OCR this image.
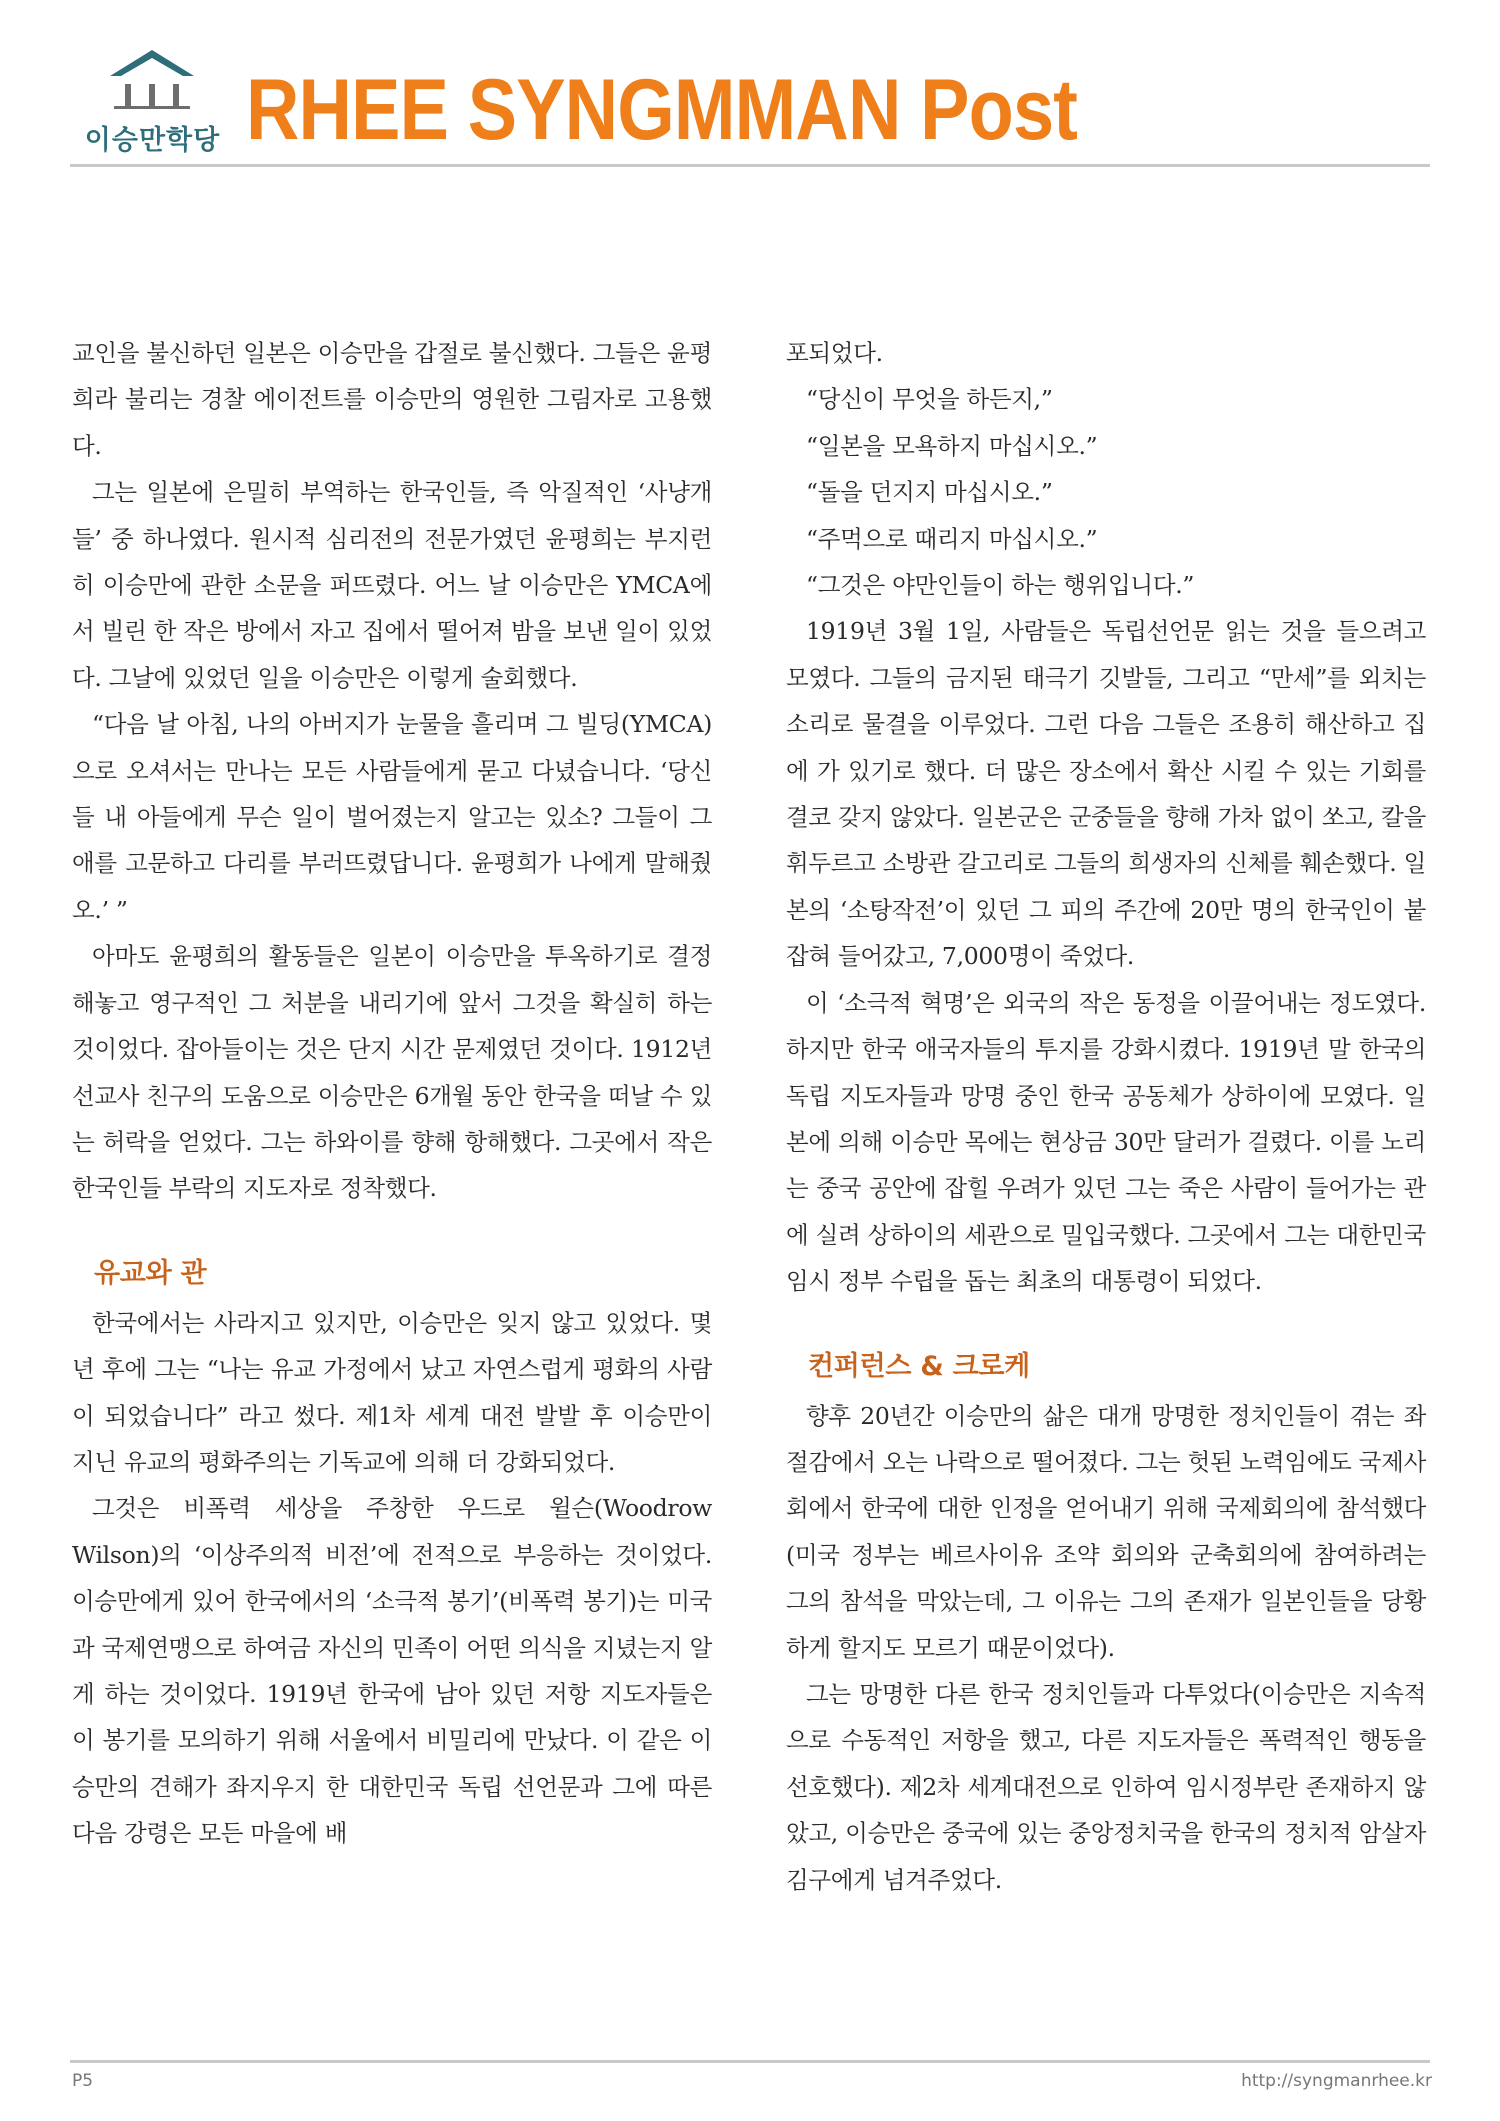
이승만학당 RHEE SYNGMMAN Post

교인을 불신하던 일본은 이승만을 갑절로 불신했다. 그들은 윤평희라 불리는 경찰 에이전트를 이승만의 영원한 그림자로 고용했다.

그는 일본에 은밀히 부역하는 한국인들, 즉 악질적인 ‘사냥개들’ 중 하나였다. 원시적 심리전의 전문가였던 윤평희는 부지런히 이승만에 관한 소문을 퍼뜨렸다. 어느 날 이승만은 YMCA에서 빌린 한 작은 방에서 자고 집에서 떨어져 밤을 보낸 일이 있었다. 그날에 있었던 일을 이승만은 이렇게 술회했다.

“다음 날 아침, 나의 아버지가 눈물을 흘리며 그 빌딩(YMCA)으로 오셔서는 만나는 모든 사람들에게 묻고 다녔습니다. ‘당신들 내 아들에게 무슨 일이 벌어졌는지 알고는 있소? 그들이 그 애를 고문하고 다리를 부러뜨렸답니다. 윤평희가 나에게 말해줬오.’ ”

아마도 윤평희의 활동들은 일본이 이승만을 투옥하기로 결정해놓고 영구적인 그 처분을 내리기에 앞서 그것을 확실히 하는 것이었다. 잡아들이는 것은 단지 시간 문제였던 것이다. 1912년 선교사 친구의 도움으로 이승만은 6개월 동안 한국을 떠날 수 있는 허락을 얻었다. 그는 하와이를 향해 항해했다. 그곳에서 작은 한국인들 부락의 지도자로 정착했다.

유교와 관

한국에서는 사라지고 있지만, 이승만은 잊지 않고 있었다. 몇 년 후에 그는 “나는 유교 가정에서 났고 자연스럽게 평화의 사람이 되었습니다” 라고 썼다. 제1차 세계 대전 발발 후 이승만이 지닌 유교의 평화주의는 기독교에 의해 더 강화되었다.

그것은 비폭력 세상을 주창한 우드로 윌슨(Woodrow Wilson)의 ‘이상주의적 비전’에 전적으로 부응하는 것이었다. 이승만에게 있어 한국에서의 ‘소극적 봉기’(비폭력 봉기)는 미국과 국제연맹으로 하여금 자신의 민족이 어떤 의식을 지녔는지 알게 하는 것이었다. 1919년 한국에 남아 있던 저항 지도자들은 이 봉기를 모의하기 위해 서울에서 비밀리에 만났다. 이 같은 이승만의 견해가 좌지우지 한 대한민국 독립 선언문과 그에 따른 다음 강령은 모든 마을에 배

포되었다.

“당신이 무엇을 하든지,”

“일본을 모욕하지 마십시오.”

“돌을 던지지 마십시오.”

“주먹으로 때리지 마십시오.”

“그것은 야만인들이 하는 행위입니다.”

1919년 3월 1일, 사람들은 독립선언문 읽는 것을 들으려고 모였다. 그들의 금지된 태극기 깃발들, 그리고 “만세”를 외치는 소리로 물결을 이루었다. 그런 다음 그들은 조용히 해산하고 집에 가 있기로 했다. 더 많은 장소에서 확산 시킬 수 있는 기회를 결코 갖지 않았다. 일본군은 군중들을 향해 가차 없이 쏘고, 칼을 휘두르고 소방관 갈고리로 그들의 희생자의 신체를 훼손했다. 일본의 ‘소탕작전’이 있던 그 피의 주간에 20만 명의 한국인이 붙잡혀 들어갔고, 7,000명이 죽었다.

이 ‘소극적 혁명’은 외국의 작은 동정을 이끌어내는 정도였다. 하지만 한국 애국자들의 투지를 강화시켰다. 1919년 말 한국의 독립 지도자들과 망명 중인 한국 공동체가 상하이에 모였다. 일본에 의해 이승만 목에는 현상금 30만 달러가 걸렸다. 이를 노리는 중국 공안에 잡힐 우려가 있던 그는 죽은 사람이 들어가는 관에 실려 상하이의 세관으로 밀입국했다. 그곳에서 그는 대한민국 임시 정부 수립을 돕는 최초의 대통령이 되었다.

컨퍼런스 & 크로케

향후 20년간 이승만의 삶은 대개 망명한 정치인들이 겪는 좌절감에서 오는 나락으로 떨어졌다. 그는 헛된 노력임에도 국제사회에서 한국에 대한 인정을 얻어내기 위해 국제회의에 참석했다(미국 정부는 베르사이유 조약 회의와 군축회의에 참여하려는 그의 참석을 막았는데, 그 이유는 그의 존재가 일본인들을 당황하게 할지도 모르기 때문이었다).

그는 망명한 다른 한국 정치인들과 다투었다(이승만은 지속적으로 수동적인 저항을 했고, 다른 지도자들은 폭력적인 행동을 선호했다). 제2차 세계대전으로 인하여 임시정부란 존재하지 않았고, 이승만은 중국에 있는 중앙정치국을 한국의 정치적 암살자 김구에게 넘겨주었다.

P5	http://syngmanrhee.kr
